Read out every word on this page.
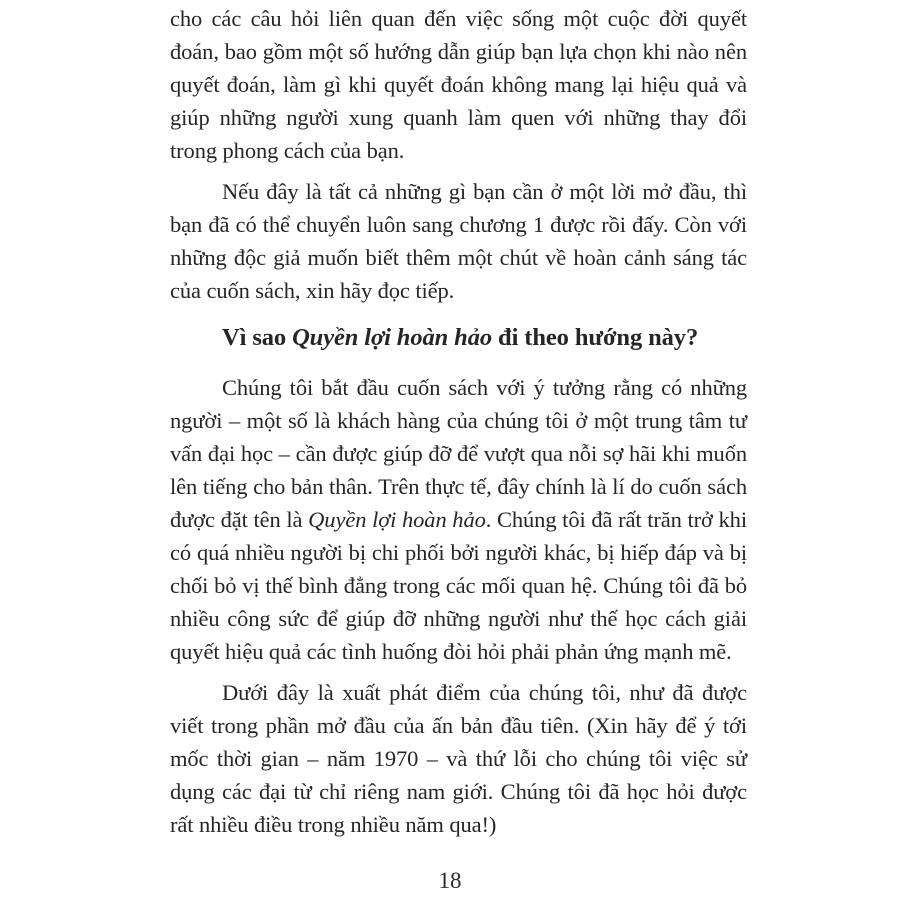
cho các câu hỏi liên quan đến việc sống một cuộc đời quyết đoán, bao gồm một số hướng dẫn giúp bạn lựa chọn khi nào nên quyết đoán, làm gì khi quyết đoán không mang lại hiệu quả và giúp những người xung quanh làm quen với những thay đổi trong phong cách của bạn.

Nếu đây là tất cả những gì bạn cần ở một lời mở đầu, thì bạn đã có thể chuyển luôn sang chương 1 được rồi đấy. Còn với những độc giả muốn biết thêm một chút về hoàn cảnh sáng tác của cuốn sách, xin hãy đọc tiếp.

Vì sao Quyền lợi hoàn hảo đi theo hướng này?

Chúng tôi bắt đầu cuốn sách với ý tưởng rằng có những người – một số là khách hàng của chúng tôi ở một trung tâm tư vấn đại học – cần được giúp đỡ để vượt qua nỗi sợ hãi khi muốn lên tiếng cho bản thân. Trên thực tế, đây chính là lí do cuốn sách được đặt tên là Quyền lợi hoàn hảo. Chúng tôi đã rất trăn trở khi có quá nhiều người bị chi phối bởi người khác, bị hiếp đáp và bị chối bỏ vị thế bình đẳng trong các mối quan hệ. Chúng tôi đã bỏ nhiều công sức để giúp đỡ những người như thế học cách giải quyết hiệu quả các tình huống đòi hỏi phải phản ứng mạnh mẽ.

Dưới đây là xuất phát điểm của chúng tôi, như đã được viết trong phần mở đầu của ấn bản đầu tiên. (Xin hãy để ý tới mốc thời gian – năm 1970 – và thứ lỗi cho chúng tôi việc sử dụng các đại từ chỉ riêng nam giới. Chúng tôi đã học hỏi được rất nhiều điều trong nhiều năm qua!)

18
